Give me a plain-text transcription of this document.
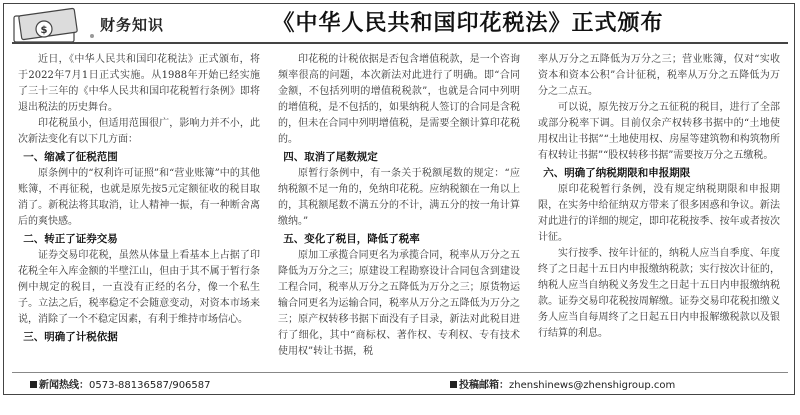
$	财务知识	《中华人民共和国印花税法》正式颁布

近日，《中华人民共和国印花税法》正式颁布，将于2022年7月1日正式实施。从1988年开始已经实施了三十三年的《中华人民共和国印花税暂行条例》即将退出税法的历史舞台。

印花税虽小，但适用范围很广，影响力并不小，此次新法变化有以下几方面：

一、缩减了征税范围

原条例中的“权利许可证照”和“营业账簿”中的其他账簿，不再征税，也就是原先按5元定额征收的税目取消了。新税法将其取消，让人精神一振，有一种断舍离后的爽快感。

二、转正了证券交易

证券交易印花税，虽然从体量上看基本上占据了印花税全年入库金额的半壁江山，但由于其不属于暂行条例中规定的税目，一直没有正经的名分，像一个私生子。立法之后，税率稳定不会随意变动，对资本市场来说，消除了一个不稳定因素，有利于维持市场信心。

三、明确了计税依据

印花税的计税依据是否包含增值税款，是一个咨询频率很高的问题，本次新法对此进行了明确。即“合同金额，不包括列明的增值税税款”，也就是合同中列明的增值税，是不包括的，如果纳税人签订的合同是含税的，但未在合同中列明增值税，是需要全额计算印花税的。

四、取消了尾数规定

原暂行条例中，有一条关于税额尾数的规定：“应纳税额不足一角的，免纳印花税。应纳税额在一角以上的，其税额尾数不满五分的不计，满五分的按一角计算缴纳。”

五、变化了税目，降低了税率

原加工承揽合同更名为承揽合同，税率从万分之五降低为万分之三；原建设工程勘察设计合同包含到建设工程合同，税率从万分之五降低为万分之三；原货物运输合同更名为运输合同，税率从万分之五降低为万分之三；原产权转移书据下面没有子目录，新法对此税目进行了细化，其中“商标权、著作权、专利权、专有技术使用权”转让书据，税

率从万分之五降低为万分之三；营业账簿，仅对“实收资本和资本公积”合计征税，税率从万分之五降低为万分之二点五。

可以说，原先按万分之五征税的税目，进行了全部或部分税率下调。目前仅余产权转移书据中的“土地使用权出让书据”“土地使用权、房屋等建筑物和构筑物所有权转让书据”“股权转移书据”需要按万分之五缴税。

六、明确了纳税期限和申报期限

原印花税暂行条例，没有规定纳税期限和申报期限，在实务中给征纳双方带来了很多困惑和争议。新法对此进行的详细的规定，即印花税按季、按年或者按次计征。

实行按季、按年计征的，纳税人应当自季度、年度终了之日起十五日内申报缴纳税款；实行按次计征的，纳税人应当自纳税义务发生之日起十五日内申报缴纳税款。证券交易印花税按周解缴。证券交易印花税扣缴义务人应当自每周终了之日起五日内申报解缴税款以及银行结算的利息。

新闻热线：0573-88136587/906587	投稿邮箱：zhenshinews@zhenshigroup.com
